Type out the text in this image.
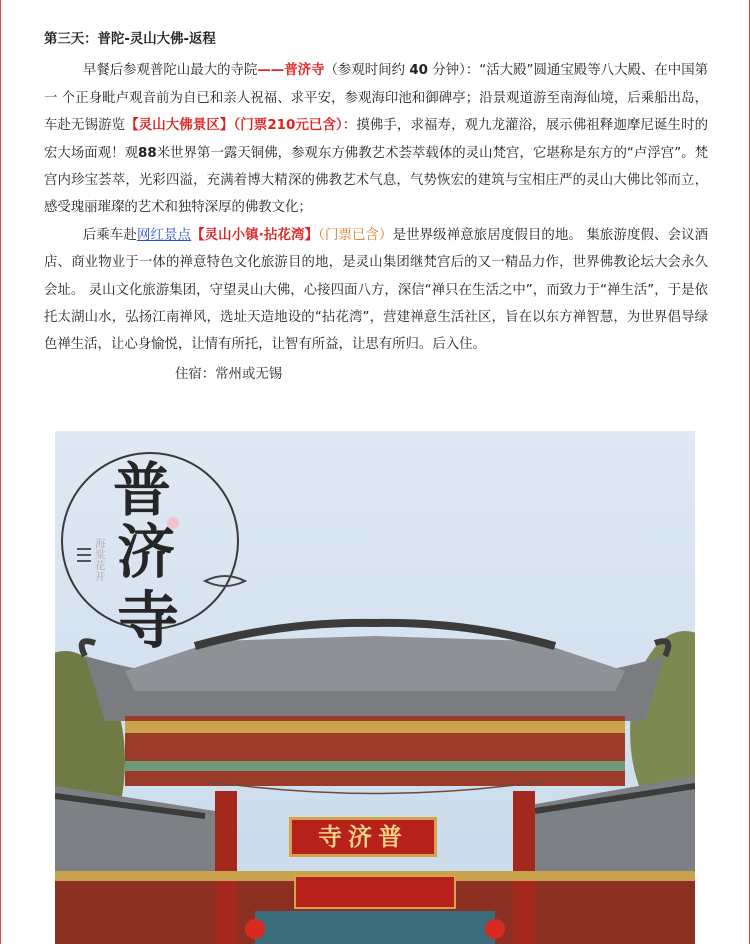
第三天：普陀-灵山大佛-返程

早餐后参观普陀山最大的寺院——普济寺（参观时间约 40 分钟）：“活大殿”圆通宝殿等八大殿、在中国第一 个正身毗卢观音前为自已和亲人祝福、求平安，参观海印池和御碑亭；沿景观道游至南海仙境，后乘船出岛，车赴无锡游览【灵山大佛景区】（门票210元已含）：摸佛手，求福寿，观九龙灌浴，展示佛祖释迦摩尼诞生时的宏大场面观！观88米世界第一露天铜佛，参观东方佛教艺术荟萃载体的灵山梵宫，它堪称是东方的“卢浮宫”。梵宫内珍宝荟萃，光彩四溢，充满着博大精深的佛教艺术气息，气势恢宏的建筑与宝相庄严的灵山大佛比邻而立，感受瑰丽璀璨的艺术和独特深厚的佛教文化；

后乘车赴网红景点【灵山小镇·拈花湾】（门票已含）是世界级禅意旅居度假目的地。 集旅游度假、会议酒店、商业物业于一体的禅意特色文化旅游目的地，是灵山集团继梵宫后的又一精品力作，世界佛教论坛大会永久会址。 灵山文化旅游集团，守望灵山大佛，心接四面八方，深信“禅只在生活之中”，而致力于“禅生活”，于是依托太湖山水，弘扬江南禅风，选址天造地设的“拈花湾”，营建禅意生活社区，旨在以东方禅智慧，为世界倡导绿色禅生活，让心身愉悦，让情有所托，让智有所益，让思有所归。后入住。

住宿：常州或无锡

普
济
寺
海棠花开
寺济普
